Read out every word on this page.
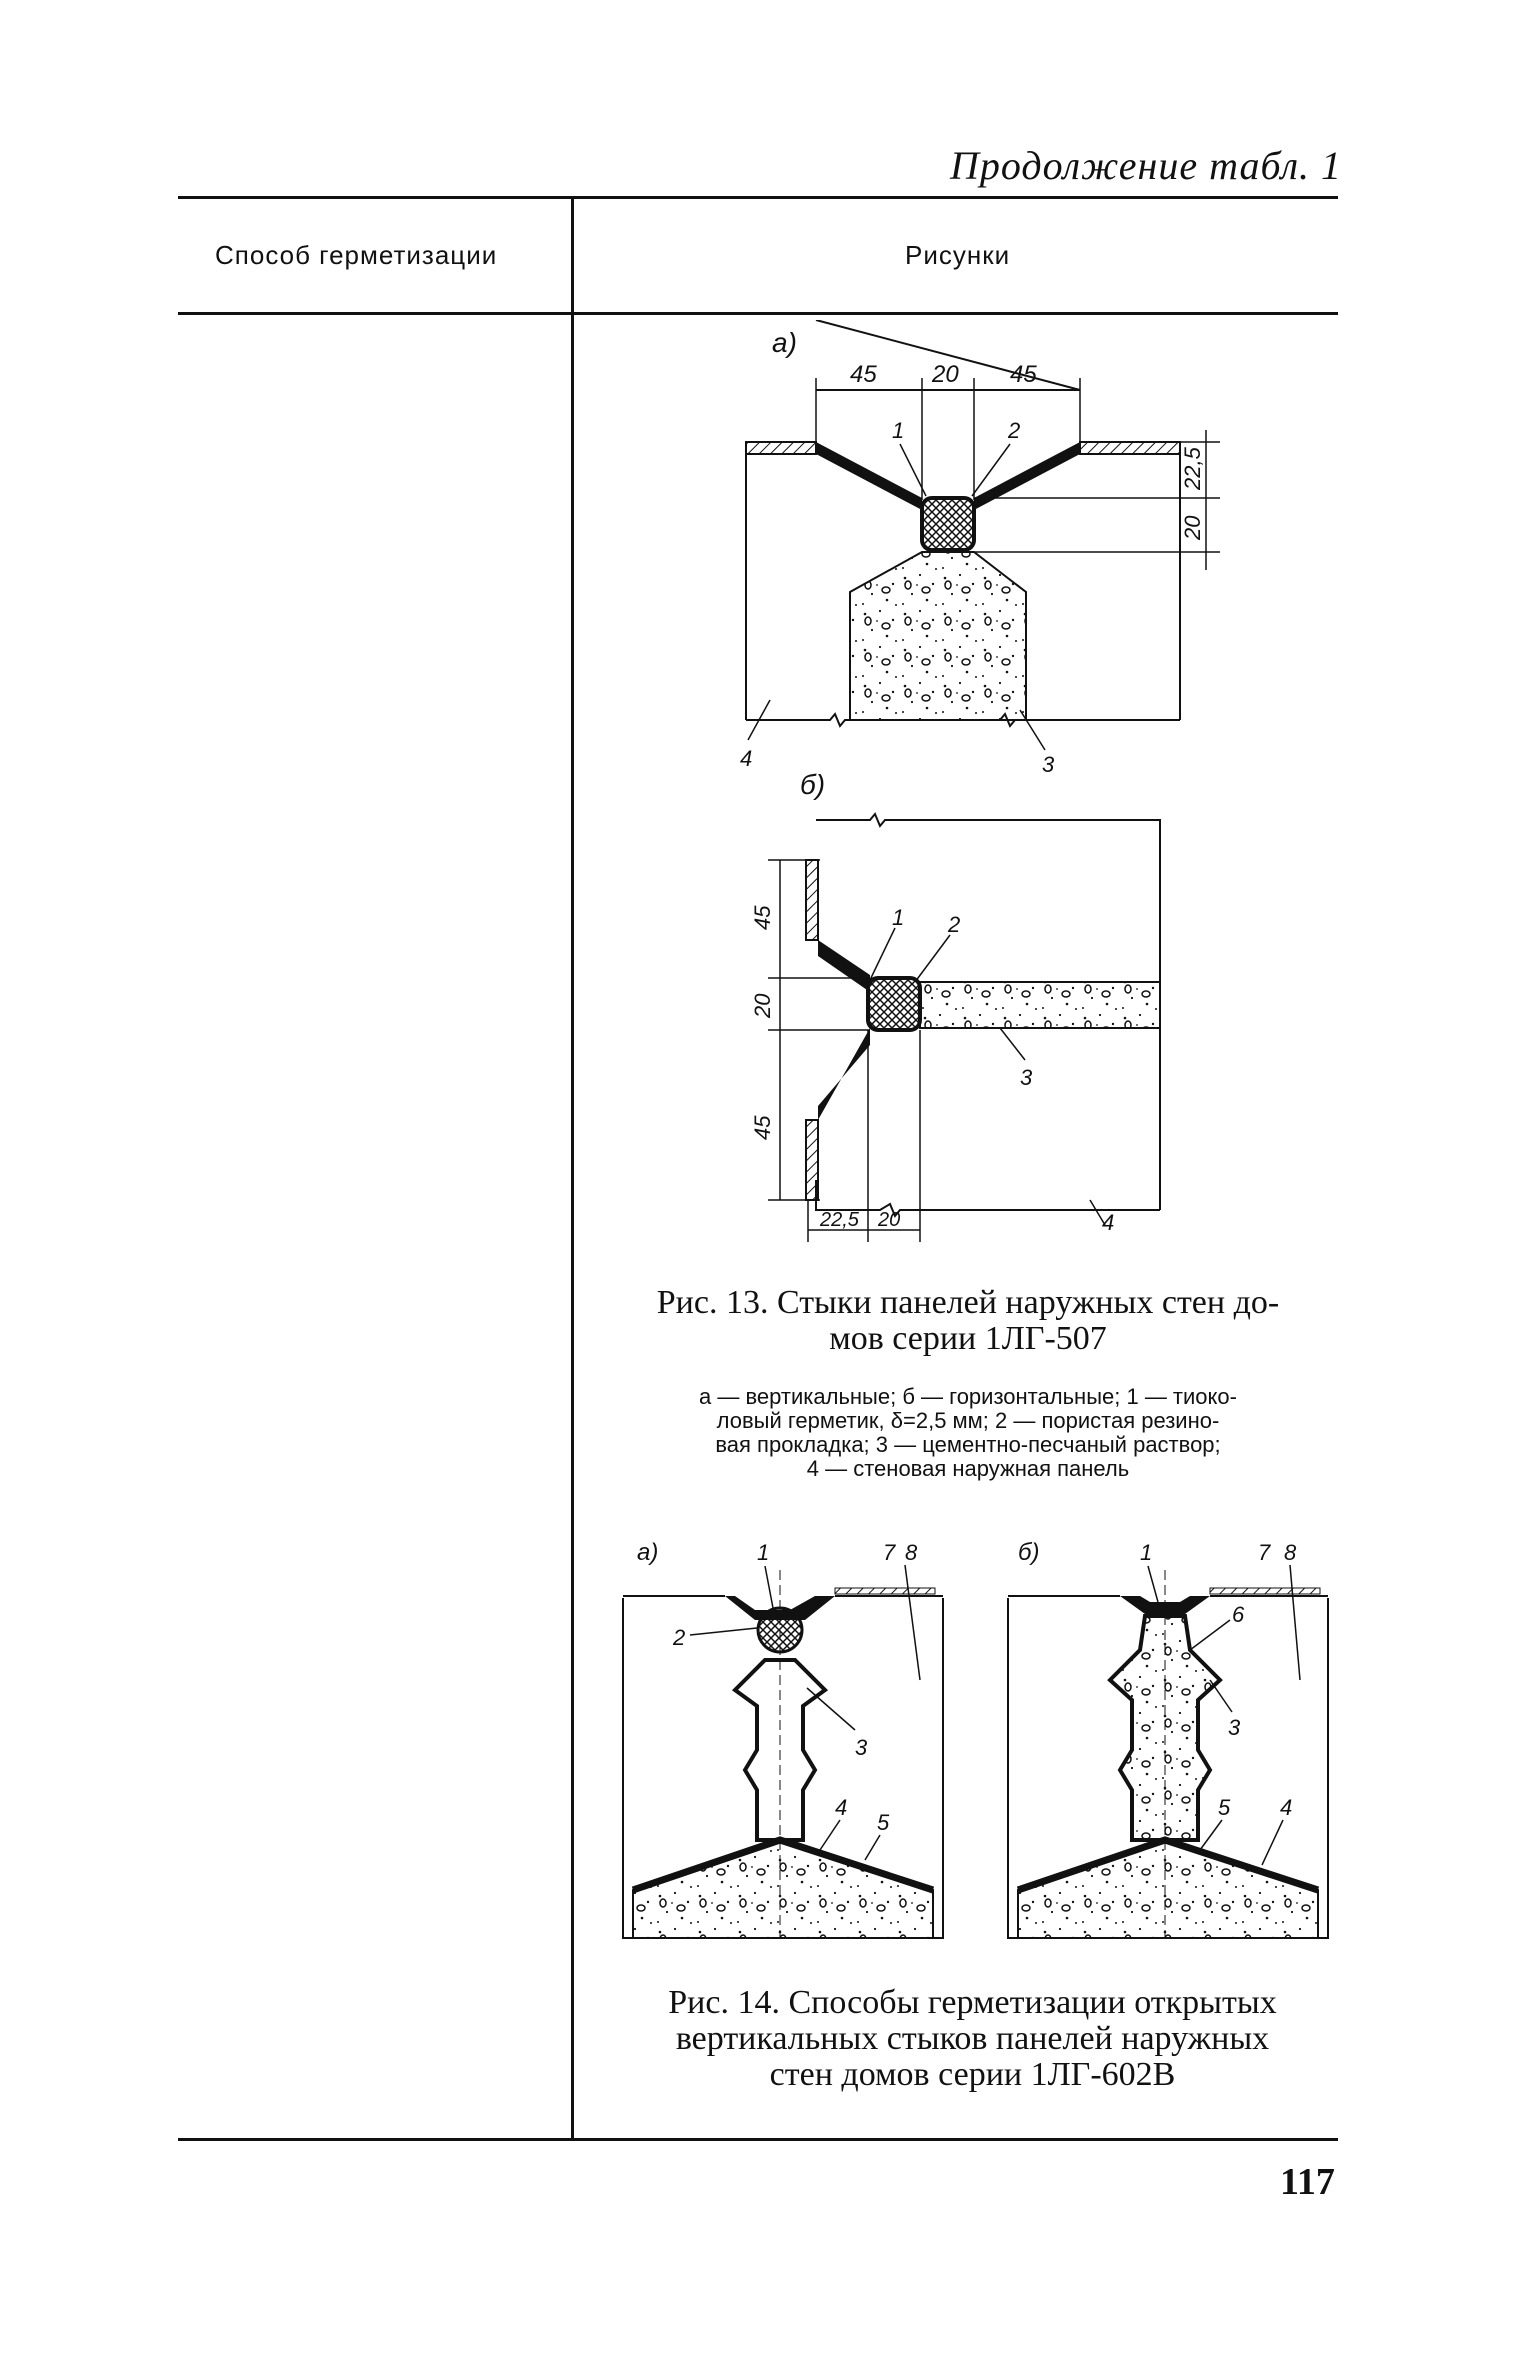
Продолжение табл. 1
Способ герметизации	Рисунки
а)
45 20 45
22,5
20
1	2
3
4
б)
45
20
45
22,5 20
1 2
3
4
Рис. 13. Стыки панелей наружных стен до-
мов серии 1ЛГ-507
а — вертикальные; б — горизонтальные; 1 — тиоко-
ловый герметик, δ=2,5 мм; 2 — пористая резино-
вая прокладка; 3 — цементно-песчаный раствор;
4 — стеновая наружная панель
а)	1	7 8
2
3
4
5
б)	1	7 8
6
3
5 4
Рис. 14. Способы герметизации открытых
вертикальных стыков панелей наружных
стен домов серии 1ЛГ-602В
117
